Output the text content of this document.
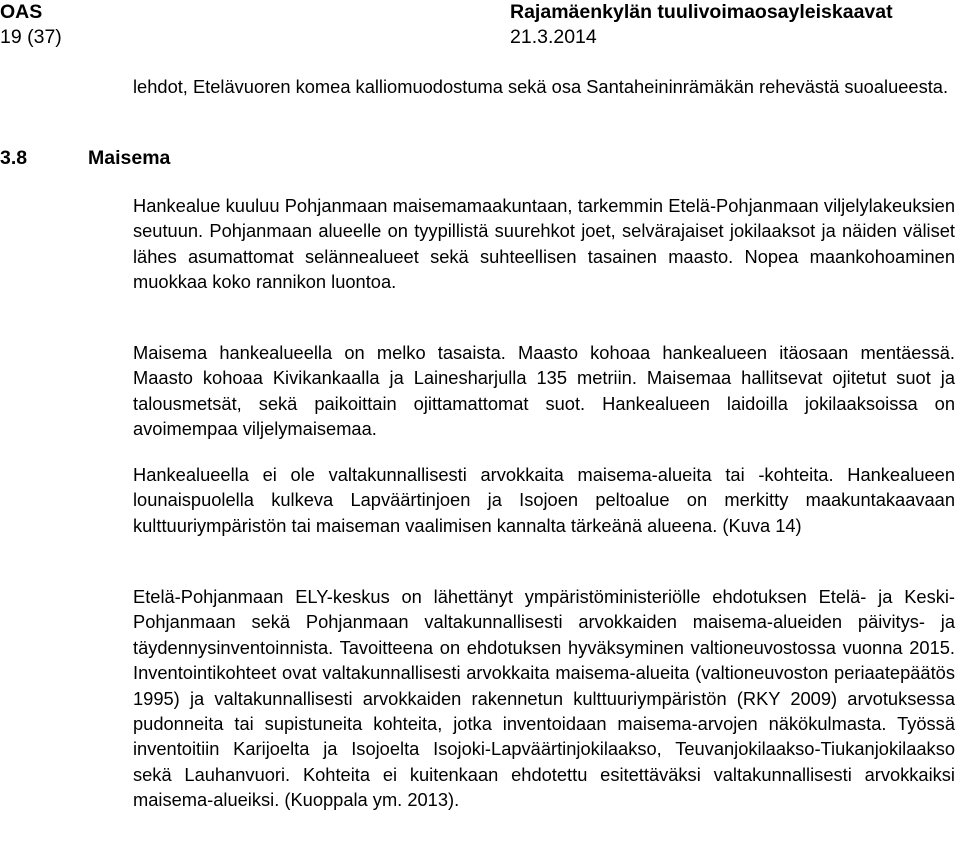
OAS
19 (37)
Rajamäenkylän tuulivoimaosayleiskaavat
21.3.2014

lehdot, Etelävuoren komea kalliomuodostuma sekä osa Santaheininrämäkän rehevästä suoalueesta.

3.8	Maisema

Hankealue kuuluu Pohjanmaan maisemamaakuntaan, tarkemmin Etelä-Pohjanmaan viljelylakeuksien seutuun. Pohjanmaan alueelle on tyypillistä suurehkot joet, selvärajaiset jokilaaksot ja näiden väliset lähes asumattomat selännealueet sekä suhteellisen tasainen maasto. Nopea maankohoaminen muokkaa koko rannikon luontoa.

Maisema hankealueella on melko tasaista. Maasto kohoaa hankealueen itäosaan mentäessä. Maasto kohoaa Kivikankaalla ja Lainesharjulla 135 metriin. Maisemaa hallitsevat ojitetut suot ja talousmetsät, sekä paikoittain ojittamattomat suot. Hankealueen laidoilla jokilaaksoissa on avoimempaa viljelymaisemaa.

Hankealueella ei ole valtakunnallisesti arvokkaita maisema-alueita tai -kohteita. Hankealueen lounaispuolella kulkeva Lapväärtinjoen ja Isojoen peltoalue on merkitty maakuntakaavaan kulttuuriympäristön tai maiseman vaalimisen kannalta tärkeänä alueena. (Kuva 14)

Etelä-Pohjanmaan ELY-keskus on lähettänyt ympäristöministeriölle ehdotuksen Etelä- ja Keski-Pohjanmaan sekä Pohjanmaan valtakunnallisesti arvokkaiden maisema-alueiden päivitys- ja täydennysinventoinnista. Tavoitteena on ehdotuksen hyväksyminen valtioneuvostossa vuonna 2015. Inventointikohteet ovat valtakunnallisesti arvokkaita maisema-alueita (valtioneuvoston periaatepäätös 1995) ja valtakunnallisesti arvokkaiden rakennetun kulttuuriympäristön (RKY 2009) arvotuksessa pudonneita tai supistuneita kohteita, jotka inventoidaan maisema-arvojen näkökulmasta. Työssä inventoitiin Karijoelta ja Isojoelta Isojoki-Lapväärtinjokilaakso, Teuvanjokilaakso-Tiukanjokilaakso sekä Lauhanvuori. Kohteita ei kuitenkaan ehdotettu esitettäväksi valtakunnallisesti arvokkaiksi maisema-alueiksi. (Kuoppala ym. 2013).
